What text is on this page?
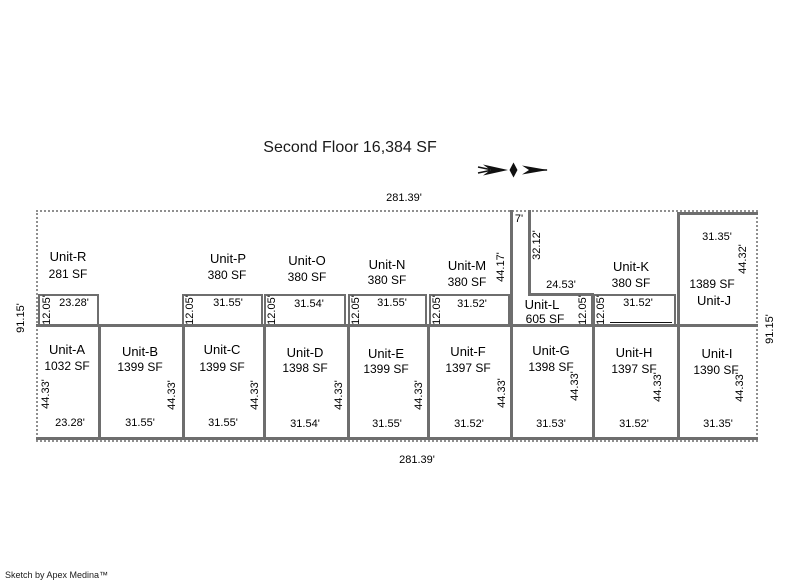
Second Floor 16,384 SF
281.39'
281.39'
91.15'	91.15'
Unit-R
281 SF
23.28'
12.05'
Unit-P
380 SF
31.55'
12.05'
Unit-O
380 SF
31.54'
12.05'
Unit-N
380 SF
31.55'
12.05'
Unit-M
380 SF
31.52'
12.05'
Unit-K
380 SF
31.52'
12.05'
7'
32.12'
44.17'
24.53'
Unit-L
605 SF 12.05'
31.35'
44.32'
1389 SF
Unit-J
Unit-A
1032 SF
44.33'
23.28'
Unit-B
1399 SF
44.33'
31.55'
Unit-C
1399 SF
44.33'
31.55'
Unit-D
1398 SF
44.33'
31.54'
Unit-E
1399 SF
44.33'
31.55'
Unit-F
1397 SF
44.33'
31.52'
Unit-G
1398 SF
44.33'
31.53'
Unit-H
1397 SF
44.33'
31.52'
Unit-I
1390 SF
44.33'
31.35'
Sketch by Apex Medina™
